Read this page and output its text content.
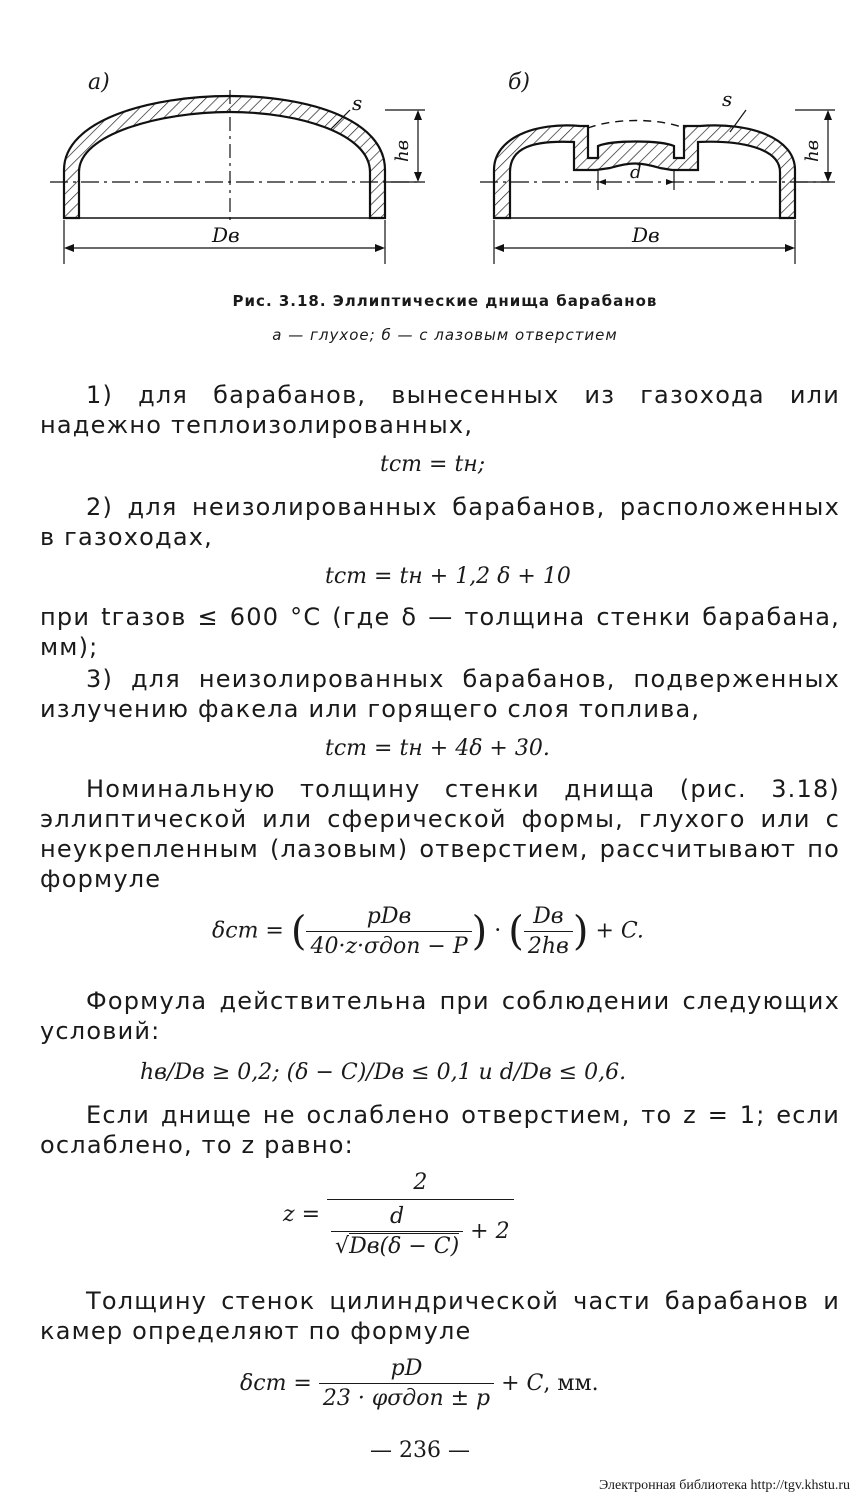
а)	б)
s
hв
Dв
d
s
hв
Dв
Рис. 3.18. Эллиптические днища барабанов
а — глухое; б — с лазовым отверстием
1) для барабанов, вынесенных из газохода или надежно теплоизолированных,
tст = tн;
2) для неизолированных барабанов, расположенных в газоходах,
tст = tн + 1,2 δ + 10
при tгазов ≤ 600 °С (где δ — толщина стенки барабана, мм);
3) для неизолированных барабанов, подверженных излучению факела или горящего слоя топлива,
tст = tн + 4δ + 30.
Номинальную толщину стенки днища (рис. 3.18) эллиптической или сферической формы, глухого или с неукрепленным (лазовым) отверстием, рассчитывают по формуле
δст = ( $\frac{\text{pDв}}{\text{40·z·σдоп − P}}$ ) · ( $\frac{Dв}{2hв}$ ) + C.
Формула действительна при соблюдении следующих условий:
hв/Dв ≥ 0,2; (δ − C)/Dв ≤ 0,1 и d/Dв ≤ 0,6.
Если днище не ослаблено отверстием, то z = 1; если ослаблено, то z равно:
$z = \frac{2}{\frac{d}{√Dв(\delta - C)} + 2}$
Толщину стенок цилиндрической части барабанов и камер определяют по формуле
$\delta ст = \frac{pD}{\text{23 · φσдоп ± p}} + C$, мм.
— 236 —
Электронная библиотека http://tgv.khstu.ru
